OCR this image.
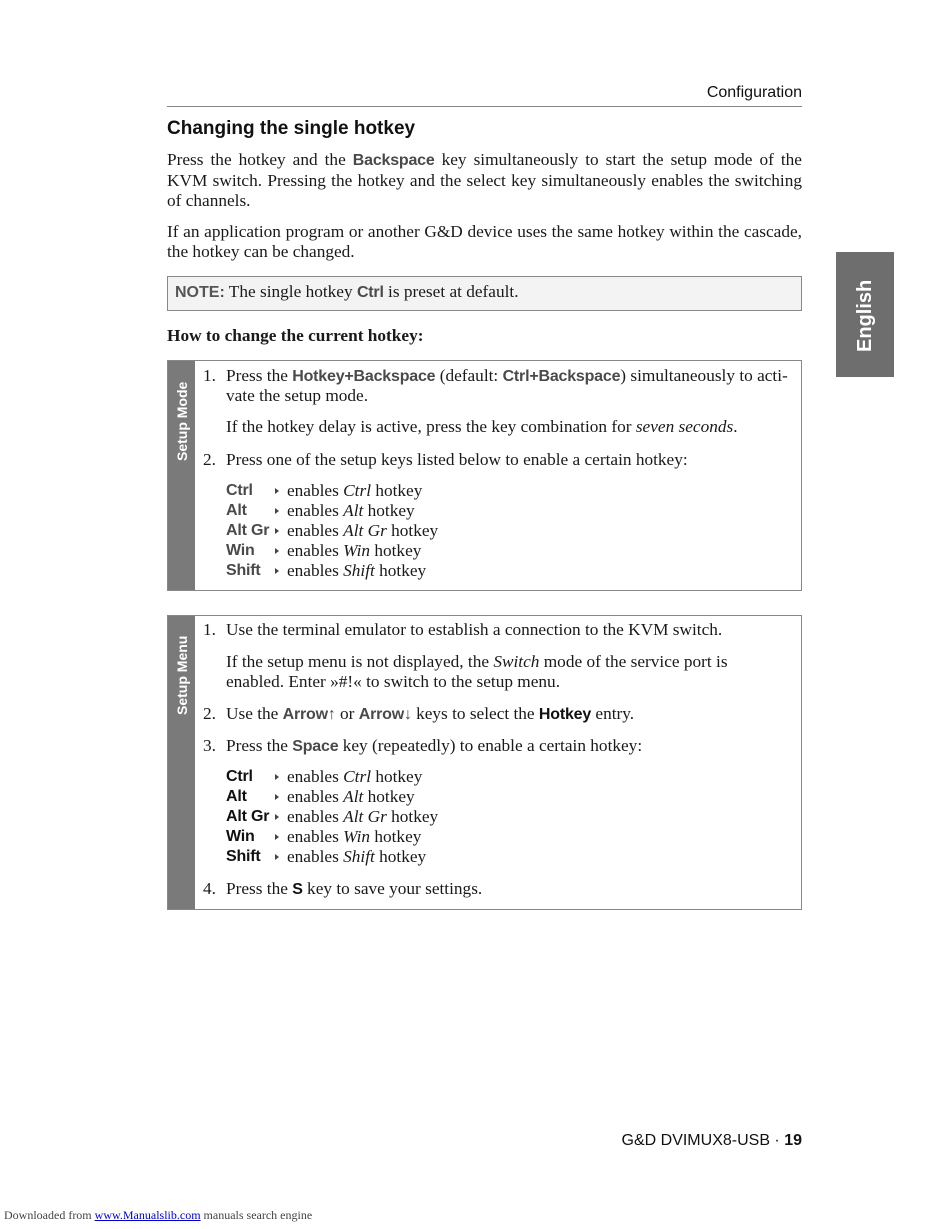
Configuration
Changing the single hotkey

Press the hotkey and the Backspace key simultaneously to start the setup mode of the KVM switch. Pressing the hotkey and the select key simultaneously enables the switching of channels.

If an application program or another G&D device uses the same hotkey within the cascade, the hotkey can be changed.

NOTE: The single hotkey Ctrl is preset at default.
How to change the current hotkey:
Setup Mode
1. Press the Hotkey+Backspace (default: Ctrl+Backspace) simultaneously to acti-
vate the setup mode.
If the hotkey delay is active, press the key combination for seven seconds.
2. Press one of the setup keys listed below to enable a certain hotkey:
Ctrl enables Ctrl hotkey
Alt enables Alt hotkey
Alt Gr enables Alt Gr hotkey
Win enables Win hotkey
Shift enables Shift hotkey
Setup Menu
1. Use the terminal emulator to establish a connection to the KVM switch.
If the setup menu is not displayed, the Switch mode of the service port is
enabled. Enter »#!« to switch to the setup menu.
2. Use the Arrow↑ or Arrow↓ keys to select the Hotkey entry.
3. Press the Space key (repeatedly) to enable a certain hotkey:
Ctrl enables Ctrl hotkey
Alt enables Alt hotkey
Alt Gr enables Alt Gr hotkey
Win enables Win hotkey
Shift enables Shift hotkey
4. Press the S key to save your settings.
English
G&D DVIMUX8-USB · 19
Downloaded from www.Manualslib.com manuals search engine
